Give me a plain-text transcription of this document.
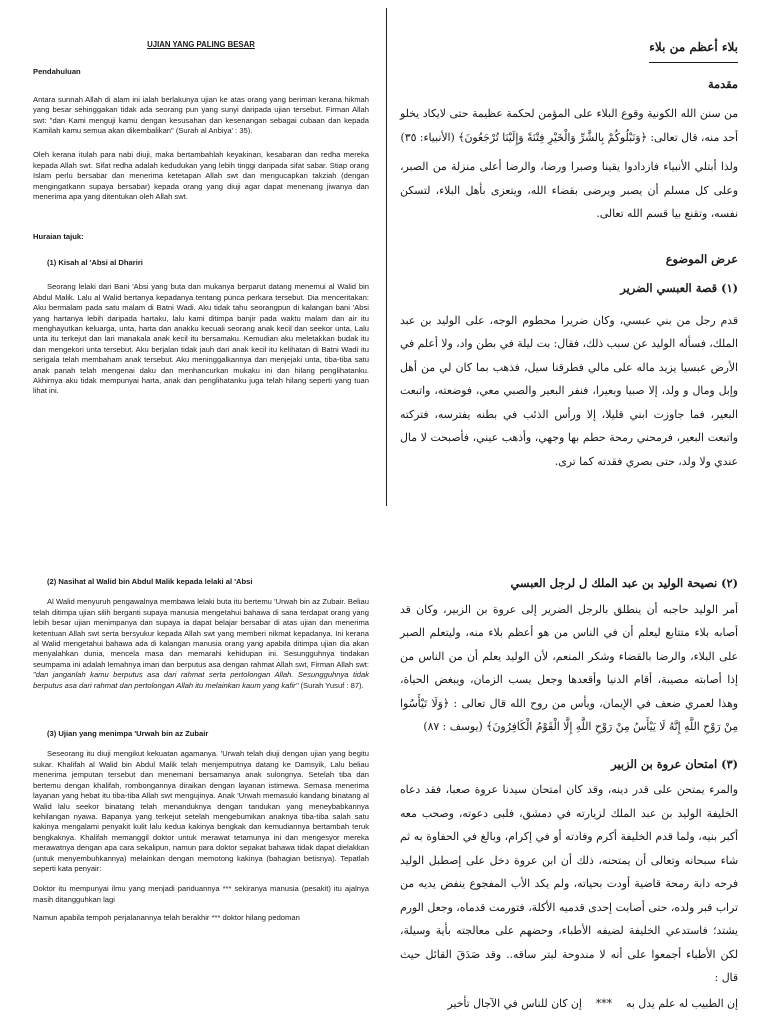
UJIAN YANG PALING BESAR
Pendahuluan
Antara sunnah Allah di alam ini ialah berlakunya ujian ke atas orang yang beriman kerana hikmah yang besar sehinggakan tidak ada seorang pun yang sunyi daripada ujian tersebut. Firman Allah swt: "dan Kami menguji kamu dengan kesusahan dan kesenangan sebagai cubaan dan kepada Kamilah kamu semua akan dikembalikan" (Surah al Anbiya' : 35).
Oleh kerana itulah para nabi diuji, maka bertambahlah keyakinan, kesabaran dan redha mereka kepada Allah swt. Sifat redha adalah kedudukan yang lebih tinggi daripada sifat sabar. Stiap orang Islam perlu bersabar dan menerima ketetapan Allah swt dan mengucapkan takziah (dengan mengingatkann supaya bersabar) kepada orang yang diuji agar dapat menenang jiwanya dan menerima apa yang ditentukan oleh Allah swt.
Huraian tajuk:
(1) Kisah al 'Absi al Dhariri
Seorang lelaki dari Bani 'Absi yang buta dan mukanya berparut datang menemui al Walid bin Abdul Malik. Lalu al Walid bertanya kepadanya tentang punca perkara tersebut. Dia menceritakan: Aku bermalam pada satu malam di Batni Wadi. Aku tidak tahu seorangpun di kalangan bani 'Absi yang hartanya lebih daripada hartaku, lalu kami ditimpa banjir pada waktu malam dan air itu menghayutkan keluarga, unta, harta dan anakku kecuali seorang anak kecil dan seekor unta, Lalu unta itu terkejut dan lari manakala anak kecil itu bersamaku. Kemudian aku meletakkan budak itu dan mengekori unta tersebut. Aku berjalan tidak jauh dari anak kecil itu kelihatan di Batni Wadi itu serigala telah membaham anak tersebut. Aku meninggalkannya dan menjejaki unta, tiba-tiba satu anak panah telah mengenai daku dan menhancurkan mukaku ini dan hilang penglihatanku. Akhirnya aku tidak mempunyai harta, anak dan penglihatanku juga telah hilang seperti yang tuan lihat ini.
بلاء أعظم من بلاء
مقدمة
من سنن الله الكونية وقوع البلاء على المؤمن لحكمة عظيمة حتى لايكاد يخلو أحد منه، قال تعالى: ﴿وَنَبْلُوكُمْ بِالشَّرِّ وَالْخَيْرِ فِتْنَةً وَإِلَيْنَا تُرْجَعُونَ﴾ (الأنبياء: ٣٥)
ولذا أبتلي الأنبياء فازدادوا يقينا وصبرا ورضا، والرضا أعلى منزلة من الصبر، وعلى كل مسلم أن يصبر ويرضى بقضاء الله، ويتعزى بأهل البلاء، لتسكن نفسه، وتقنع بيا قسم الله تعالى.
عرض الموضوع
(١) قصة العبسي الضرير
قدم رجل من بني عبسي، وكان ضريرا محطوم الوجه، على الوليد بن عبد الملك، فسأله الوليد عن سبب ذلك، فقال: بت ليلة في بطن واد، ولا أعلم في الأرض عبسيا يزيد ماله على مالي فطرقنا سيل، فذهب بما كان لي من أهل وإبل ومال و ولد، إلا صبيا وبعيرا، فنفر البعير والصبي معي، فوضعته، واتبعت البعير، فما جاوزت ابني قليلا، إلا ورأس الذئب في بطنه يفترسه، فتركته واتبعت البعير، فرمحني رمحة حطم بها وجهي، وأذهب عيني، فأصبحت لا مال عندي ولا ولد، حتى بصري فقدته كما ترى.
(2) Nasihat al Walid bin Abdul Malik kepada lelaki al 'Absi
Al Walid menyuruh pengawalnya membawa lelaki buta itu bertemu 'Urwah bin az Zubair. Beliau telah ditimpa ujian silih berganti supaya manusia mengetahui bahawa di sana terdapat orang yang lebih besar ujian menimpanya dan supaya ia dapat belajar bersabar di atas ujian dan menerima ketentuan Allah swt serta bersyukur kepada Allah swt yang memberi nikmat kepadanya. Ini kerana al Walid mengetahui bahawa ada di kalangan manusia orang yang apabila ditimpa ujian dia akan menyalahkan dunia, mencela masa dan memarahi kehidupan ini. Sesungguhnya tindakan seumpama ini adalah lemahnya iman dan berputus asa dengan rahmat Allah swt, Firman Allah swt: "dan janganlah kamu berputus asa dari rahmat serta pertolongan Allah. Sesungguhnya tidak berputus asa dari rahmat dan pertolongan Allah itu melainkan kaum yang kafir" (Surah Yusuf : 87).
(3) Ujian yang menimpa 'Urwah bin az Zubair
Seseorang itu diuji mengikut kekuatan agamanya. 'Urwah telah diuji dengan ujian yang begitu sukar. Khalifah al Walid bin Abdul Malik telah menjemputnya datang ke Damsyik, Lalu beliau menerima jemputan tersebut dan menemani bersamanya anak sulongnya. Setelah tiba dan bertemu dengan khalifah, rombongannya diraikan dengan layanan istimewa. Semasa menerima layanan yang hebat itu tiba-tiba Allah swt mengujinya. Anak 'Urwah memasuki kandang binatang al Walid lalu seekor binatang telah menanduknya dengan tandukan yang meneybabkannya kehilangan nyawa. Bapanya yang terkejut setelah mengebumikan anaknya tiba-tiba salah satu kakinya mengalami penyakit kulit lalu kedua kakinya bengkak dan kemudiannya bertambah teruk bengkaknya. Khalifah memanggil doktor untuk merawat tetamunya ini dan mengesyor mereka merawatnya dengan apa cara sekalipun, namun para doktor sepakat bahawa tidak dapat dielakkan (untuk menyembuhkannya) melainkan dengan memotong kakinya (bahagian betisnya). Tepatlah seperti kata penyair:
Doktor itu mempunyai ilmu yang menjadi panduannya *** sekiranya manusia (pesakit) itu ajalnya masih ditangguhkan lagi
Namun apabila tempoh perjalanannya telah berakhir *** doktor hilang pedoman
(٢) نصيحة الوليد بن عبد الملك ل لرجل العبسي
أمر الوليد حاجبه أن ينطلق بالرجل الضرير إلى عروة بن الزبير، وكان قد أصابه بلاء متتابع ليعلم أن في الناس من هو أعظم بلاء منه، وليتعلم الصبر على البلاء، والرضا بالقضاء وشكر المنعم، لأن الوليد يعلم أن من الناس من إذا أصابته مصيبة، أقام الدنيا وأقعدها وجعل يسب الزمان، ويبغض الحياة، وهذا لعمري ضعف في الإيمان، ويأس من روح الله قال تعالى : ﴿وَلَا تَيْأَسُوا مِنْ رَوْحِ اللَّهِ إِنَّهُ لَا يَيْأَسُ مِنْ رَوْحِ اللَّهِ إِلَّا الْقَوْمُ الْكَافِرُونَ﴾ (يوسف : ٨٧)
(٣) امتحان عروة بن الزبير
والمرء يمتحن على قدر دينه، وقد كان امتحان سيدنا عروة صعبا، فقد دعاه الخليفة الوليد بن عبد الملك لزيارته في دمشق، فلبى دعوته، وصحب معه أكبر بنيه، ولما قدم الخليفة أكرم وفادته أو في إكرام، وبالغ في الحفاوة به ثم شاء سبحانه وتعالى أن يمتحنه، ذلك أن ابن عروة دخل على إصطبل الوليد فرحه دابة رمحة قاضية أودت بحياته، ولم يكد الأب المفجوع ينفض يديه من تراب قبر ولده، حتى أصابت إحدى قدميه الأكلة، فتورمت قدماه، وجعل الورم يشتد؛ فاستدعي الخليفة لضيفه الأطباء، وحضهم على معالجته بأية وسيلة، لكن الأطباء أجمعوا على أنه لا مندوحة لبتر ساقه.. وقد صَدَقَ القائل حيث قال :
إن الطبيب له علم يدل به
***
إن كان للناس في الآجال تأخير
